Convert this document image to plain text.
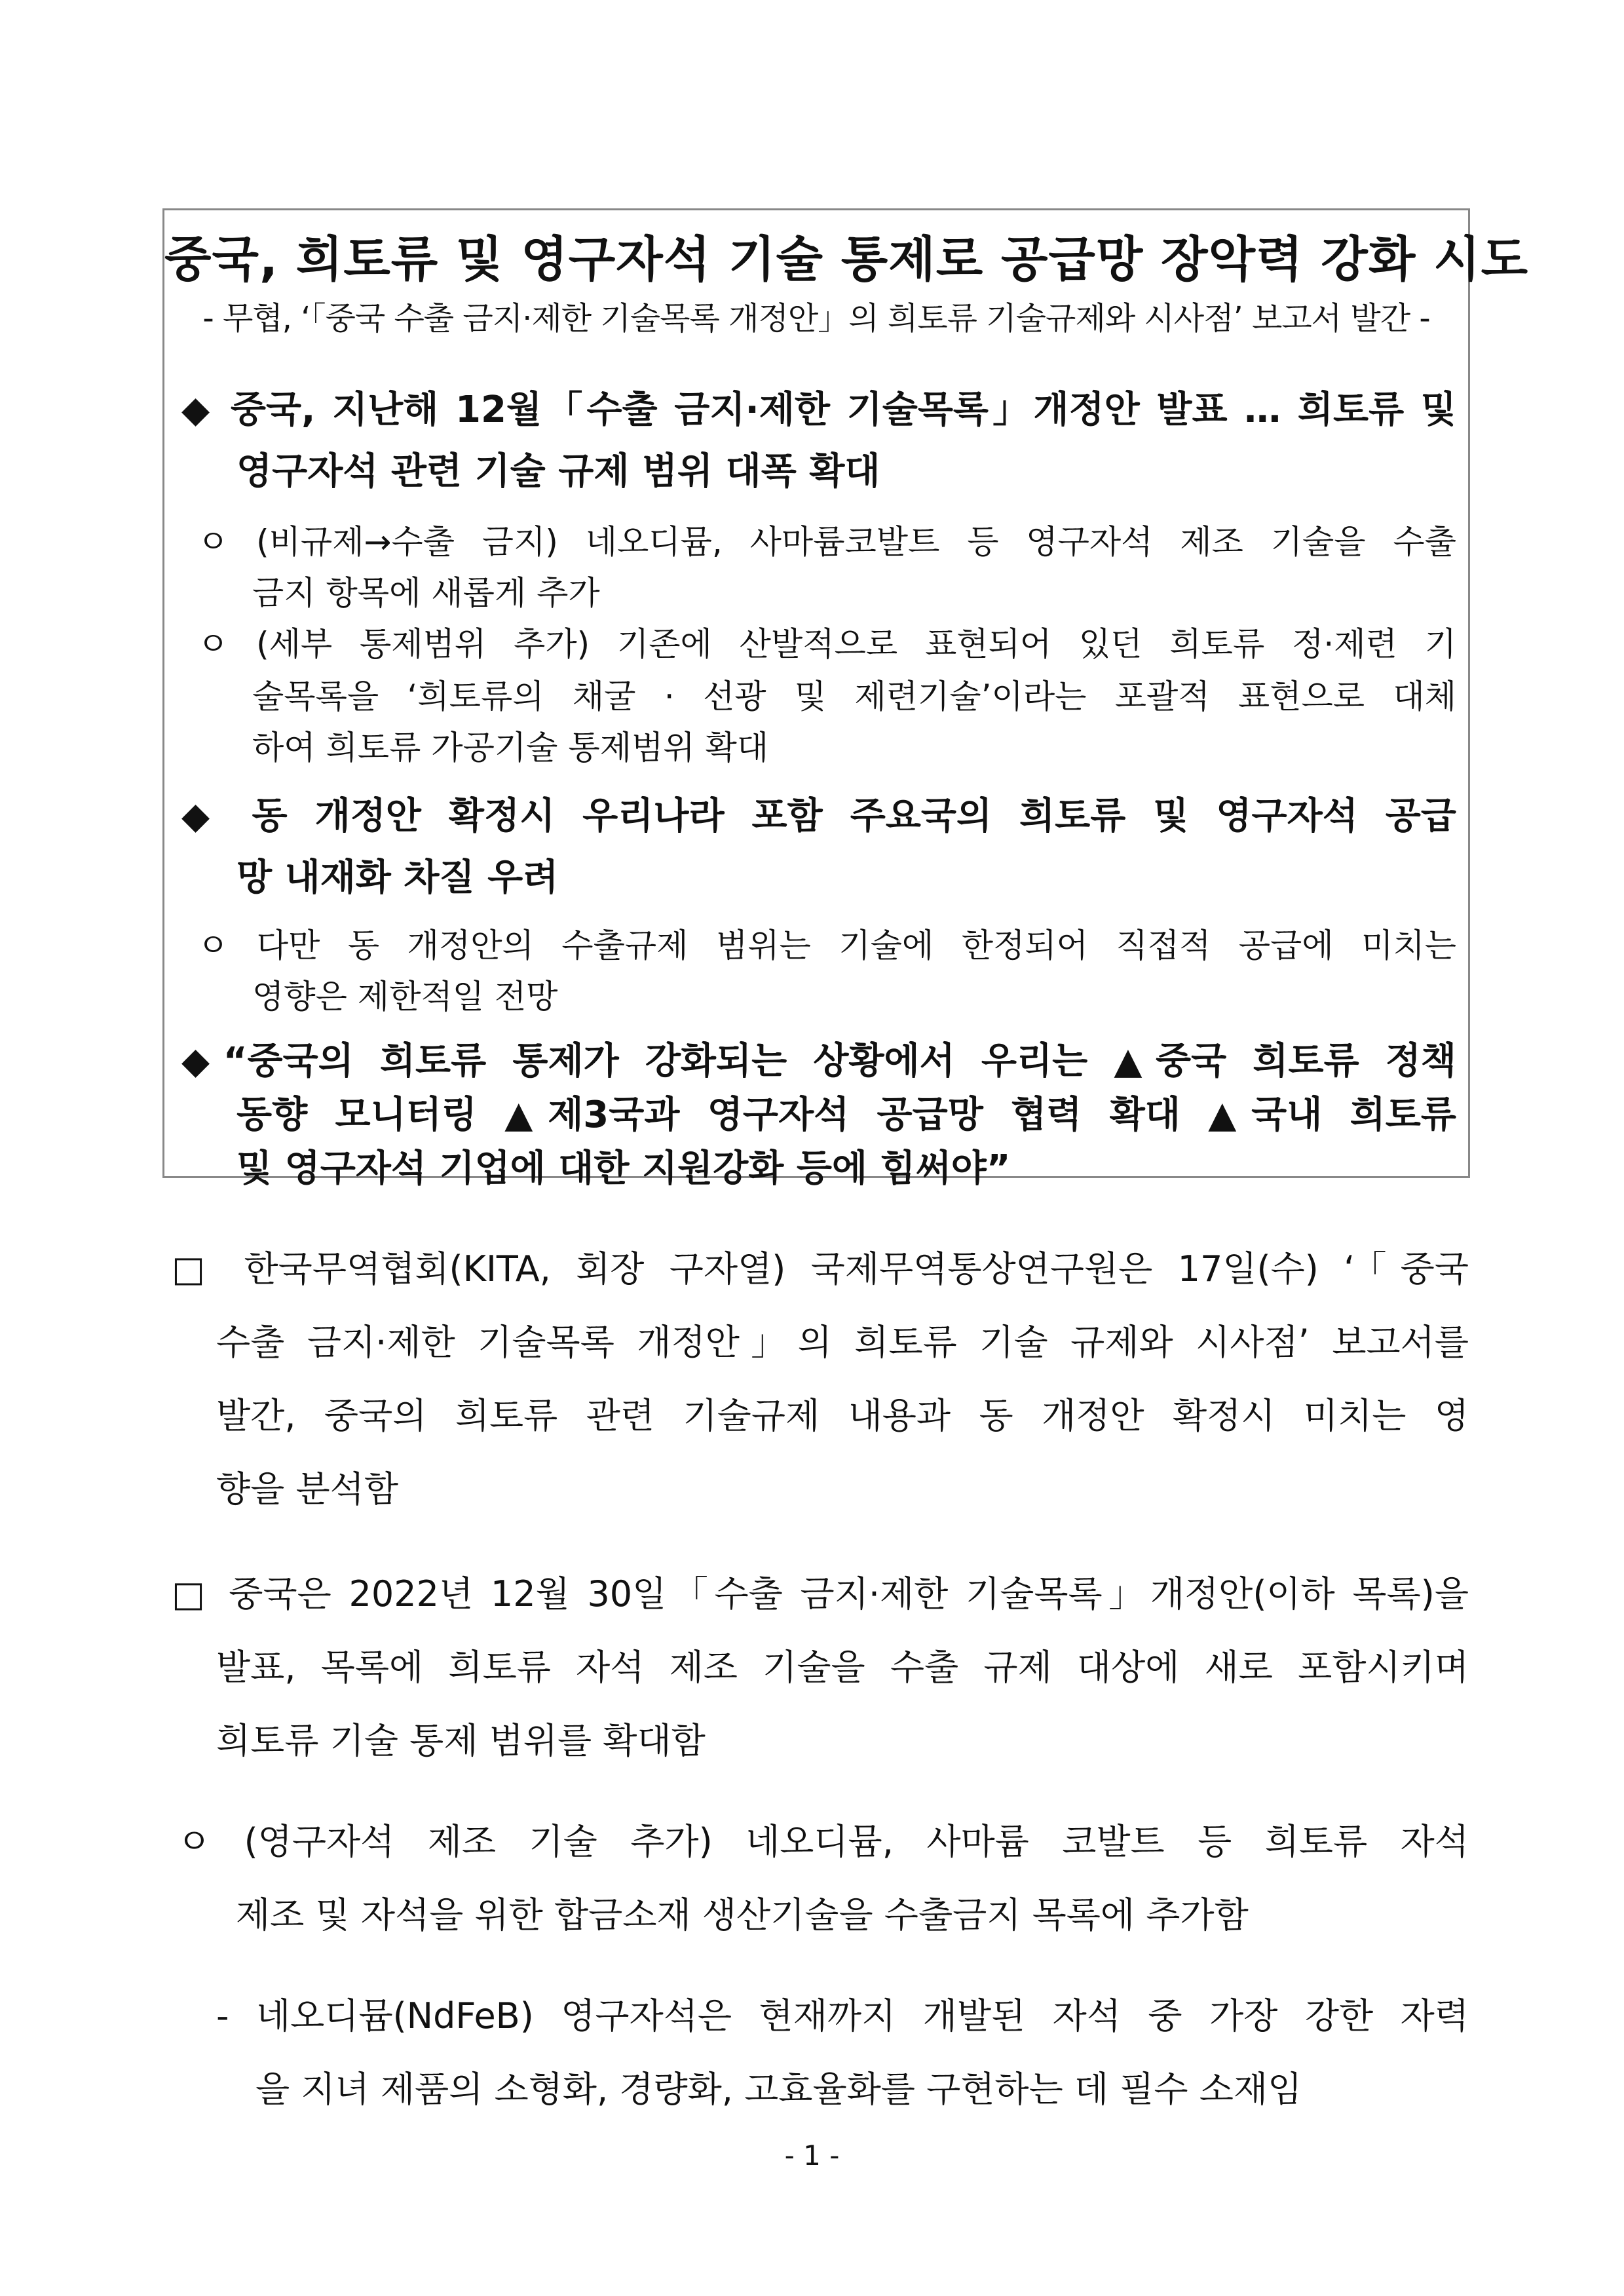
중국, 희토류 및 영구자석 기술 통제로 공급망 장악력 강화 시도
- 무협, ‘「중국 수출 금지·제한 기술목록 개정안」의 희토류 기술규제와 시사점’ 보고서 발간 -
◆ 중국, 지난해 12월「수출 금지·제한 기술목록」개정안 발표 … 희토류 및
영구자석 관련 기술 규제 범위 대폭 확대
ㅇ (비규제→수출 금지) 네오디뮴, 사마륨코발트 등 영구자석 제조 기술을 수출
금지 항목에 새롭게 추가
ㅇ (세부 통제범위 추가) 기존에 산발적으로 표현되어 있던 희토류 정·제련 기
술목록을 ‘희토류의 채굴 · 선광 및 제련기술’이라는 포괄적 표현으로 대체
하여 희토류 가공기술 통제범위 확대
◆ 동 개정안 확정시 우리나라 포함 주요국의 희토류 및 영구자석 공급
망 내재화 차질 우려
ㅇ 다만 동 개정안의 수출규제 범위는 기술에 한정되어 직접적 공급에 미치는
영향은 제한적일 전망
◆“중국의 희토류 통제가 강화되는 상황에서 우리는 ▲중국 희토류 정책
동향 모니터링 ▲제3국과 영구자석 공급망 협력 확대 ▲국내 희토류
및 영구자석 기업에 대한 지원강화 등에 힘써야”
□ 한국무역협회(KITA, 회장 구자열) 국제무역통상연구원은 17일(수) ‘「중국
수출 금지·제한 기술목록 개정안」의 희토류 기술 규제와 시사점’ 보고서를
발간, 중국의 희토류 관련 기술규제 내용과 동 개정안 확정시 미치는 영
향을 분석함
□ 중국은 2022년 12월 30일「수출 금지·제한 기술목록」개정안(이하 목록)을
발표, 목록에 희토류 자석 제조 기술을 수출 규제 대상에 새로 포함시키며
희토류 기술 통제 범위를 확대함
ㅇ (영구자석 제조 기술 추가) 네오디뮴, 사마륨 코발트 등 희토류 자석
제조 및 자석을 위한 합금소재 생산기술을 수출금지 목록에 추가함
- 네오디뮴(NdFeB) 영구자석은 현재까지 개발된 자석 중 가장 강한 자력
을 지녀 제품의 소형화, 경량화, 고효율화를 구현하는 데 필수 소재임
- 1 -
